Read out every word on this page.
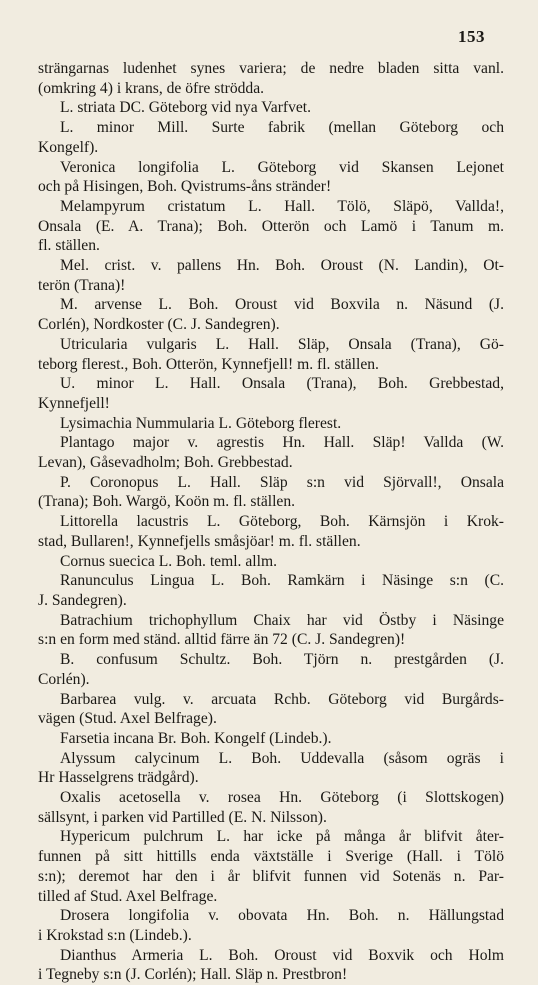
153
strängarnas ludenhet synes variera; de nedre bladen sitta vanl.
(omkring 4) i krans, de öfre strödda.
L. striata DC. Göteborg vid nya Varfvet.
L. minor Mill. Surte fabrik (mellan Göteborg och
Kongelf).
Veronica longifolia L. Göteborg vid Skansen Lejonet
och på Hisingen, Boh. Qvistrums-åns stränder!
Melampyrum cristatum L. Hall. Tölö, Släpö, Vallda!,
Onsala (E. A. Trana); Boh. Otterön och Lamö i Tanum m.
fl. ställen.
Mel. crist. v. pallens Hn. Boh. Oroust (N. Landin), Ot-
terön (Trana)!
M. arvense L. Boh. Oroust vid Boxvila n. Näsund (J.
Corlén), Nordkoster (C. J. Sandegren).
Utricularia vulgaris L. Hall. Släp, Onsala (Trana), Gö-
teborg flerest., Boh. Otterön, Kynnefjell! m. fl. ställen.
U. minor L. Hall. Onsala (Trana), Boh. Grebbestad,
Kynnefjell!
Lysimachia Nummularia L. Göteborg flerest.
Plantago major v. agrestis Hn. Hall. Släp! Vallda (W.
Levan), Gåsevadholm; Boh. Grebbestad.
P. Coronopus L. Hall. Släp s:n vid Sjörvall!, Onsala
(Trana); Boh. Wargö, Koön m. fl. ställen.
Littorella lacustris L. Göteborg, Boh. Kärnsjön i Krok-
stad, Bullaren!, Kynnefjells småsjöar! m. fl. ställen.
Cornus suecica L. Boh. teml. allm.
Ranunculus Lingua L. Boh. Ramkärn i Näsinge s:n (C.
J. Sandegren).
Batrachium trichophyllum Chaix har vid Östby i Näsinge
s:n en form med ständ. alltid färre än 72 (C. J. Sandegren)!
B. confusum Schultz. Boh. Tjörn n. prestgården (J.
Corlén).
Barbarea vulg. v. arcuata Rchb. Göteborg vid Burgårds-
vägen (Stud. Axel Belfrage).
Farsetia incana Br. Boh. Kongelf (Lindeb.).
Alyssum calycinum L. Boh. Uddevalla (såsom ogräs i
Hr Hasselgrens trädgård).
Oxalis acetosella v. rosea Hn. Göteborg (i Slottskogen)
sällsynt, i parken vid Partilled (E. N. Nilsson).
Hypericum pulchrum L. har icke på många år blifvit åter-
funnen på sitt hittills enda växtställe i Sverige (Hall. i Tölö
s:n); deremot har den i år blifvit funnen vid Sotenäs n. Par-
tilled af Stud. Axel Belfrage.
Drosera longifolia v. obovata Hn. Boh. n. Hällungstad
i Krokstad s:n (Lindeb.).
Dianthus Armeria L. Boh. Oroust vid Boxvik och Holm
i Tegneby s:n (J. Corlén); Hall. Släp n. Prestbron!
